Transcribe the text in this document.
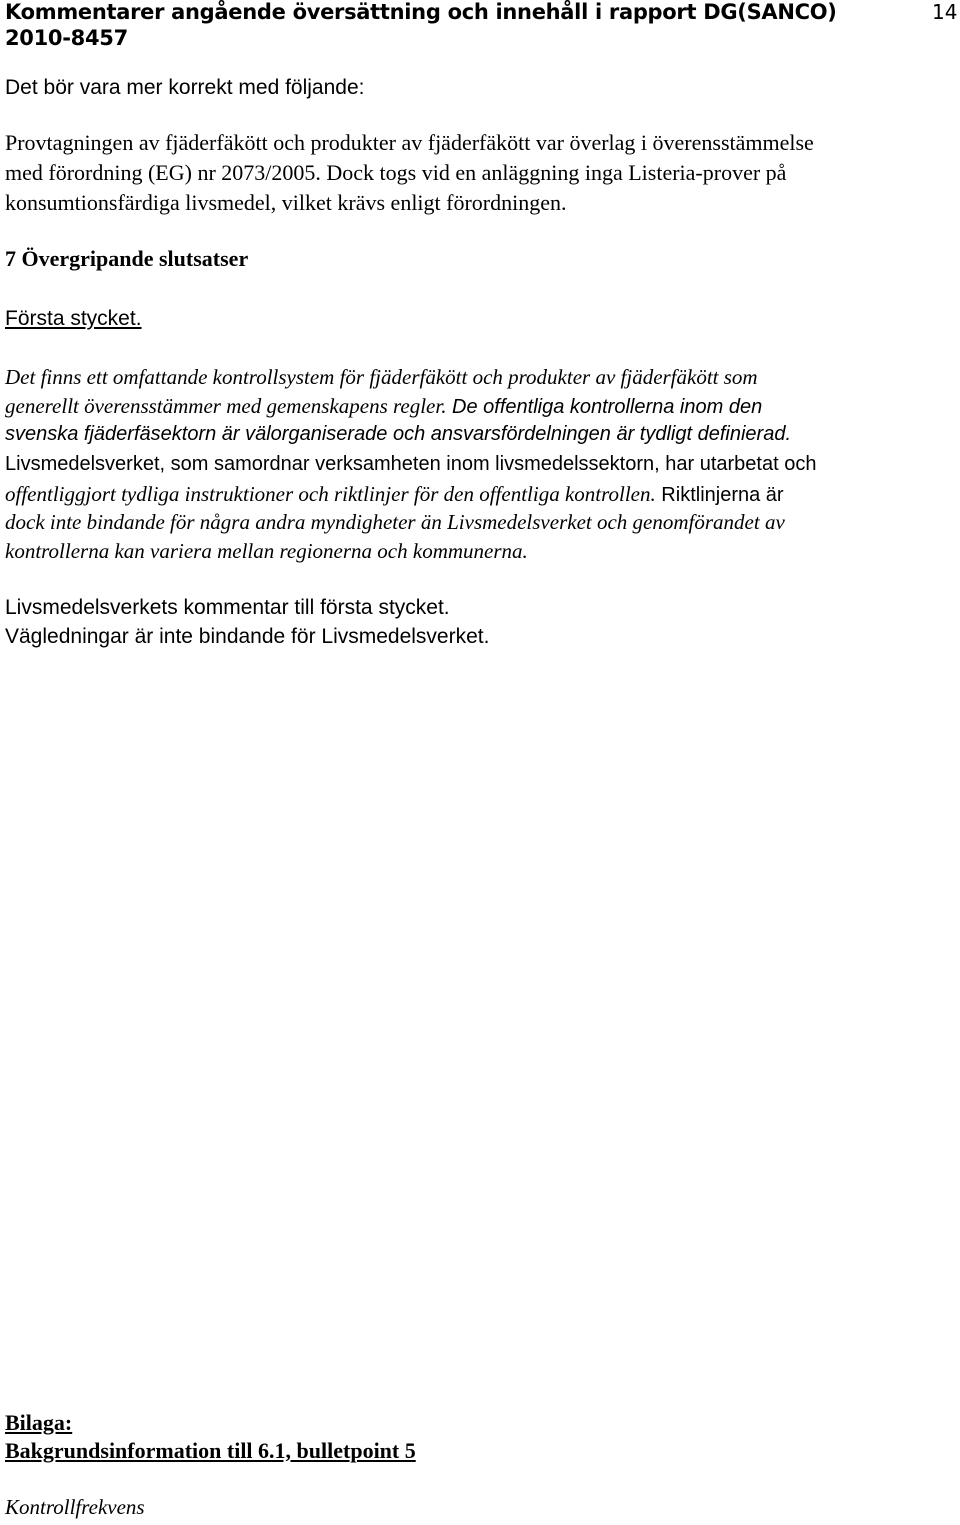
Kommentarer angående översättning och innehåll i rapport DG(SANCO)
2010-8457
14
Det bör vara mer korrekt med följande:
Provtagningen av fjäderfäkött och produkter av fjäderfäkött var överlag i överensstämmelse
med förordning (EG) nr 2073/2005. Dock togs vid en anläggning inga Listeria-prover på
konsumtionsfärdiga livsmedel, vilket krävs enligt förordningen.
7 Övergripande slutsatser
Första stycket.
Det finns ett omfattande kontrollsystem för fjäderfäkött och produkter av fjäderfäkött som
generellt överensstämmer med gemenskapens regler. De offentliga kontrollerna inom den
svenska fjäderfäsektorn är välorganiserade och ansvarsfördelningen är tydligt definierad.
Livsmedelsverket, som samordnar verksamheten inom livsmedelssektorn, har utarbetat och
offentliggjort tydliga instruktioner och riktlinjer för den offentliga kontrollen. Riktlinjerna är
dock inte bindande för några andra myndigheter än Livsmedelsverket och genomförandet av
kontrollerna kan variera mellan regionerna och kommunerna.
Livsmedelsverkets kommentar till första stycket.
Vägledningar är inte bindande för Livsmedelsverket.
Bilaga:
Bakgrundsinformation till 6.1, bulletpoint 5
Kontrollfrekvens
